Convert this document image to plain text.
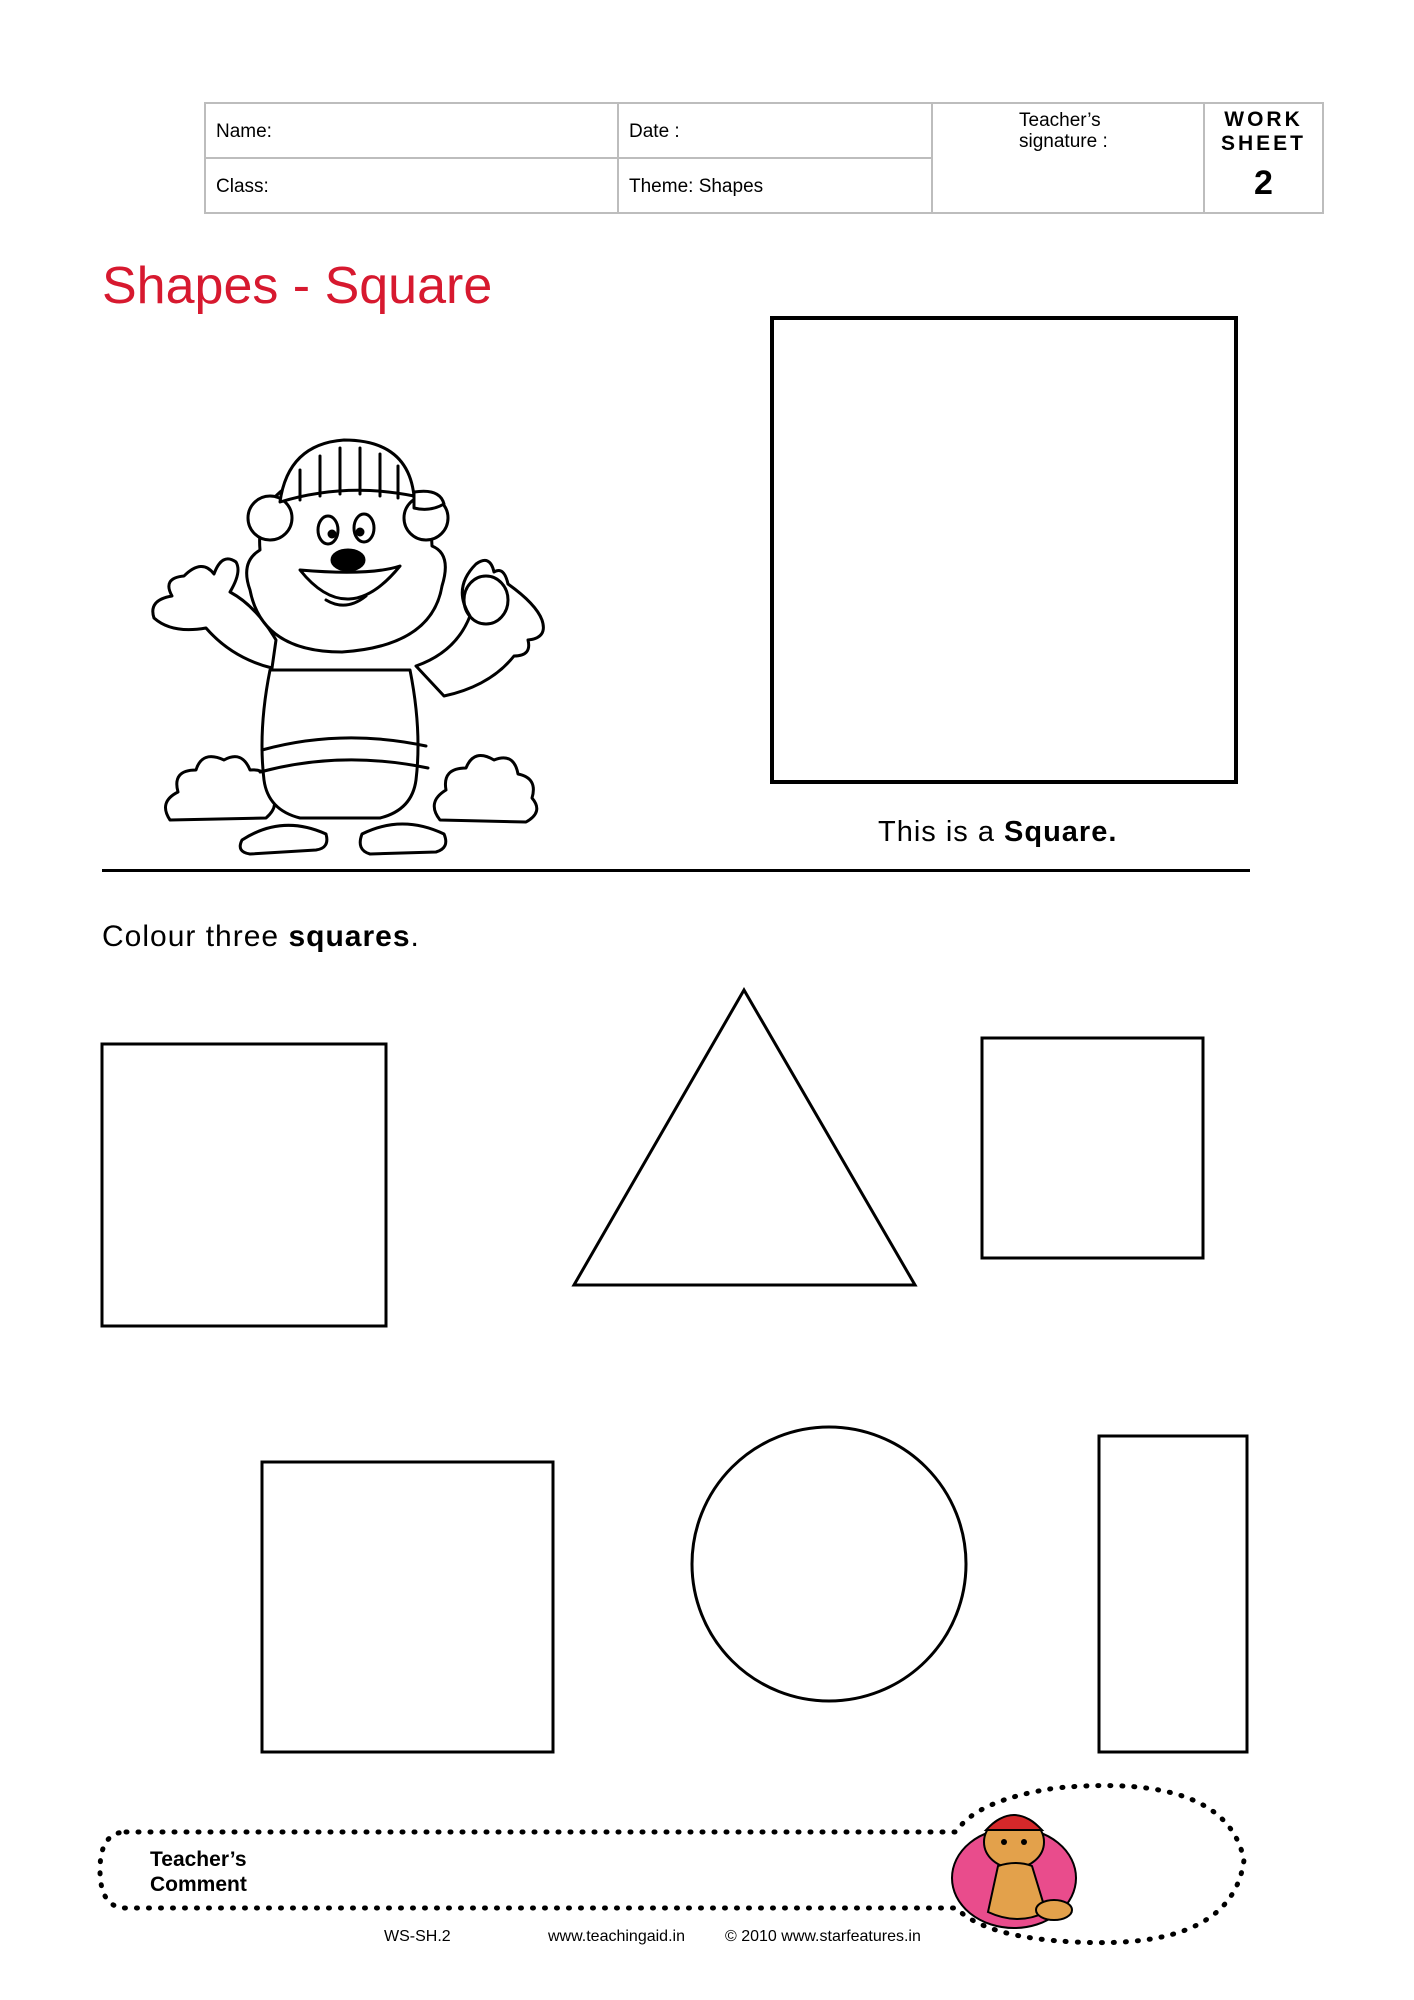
Name:	Date :
Class:	Theme: Shapes
Teacher’s
signature :
WORK
SHEET
2
Shapes - Square
This is a Square.
Colour three squares.
Teacher’s
Comment
WS-SH.2	www.teachingaid.in	© 2010 www.starfeatures.in
